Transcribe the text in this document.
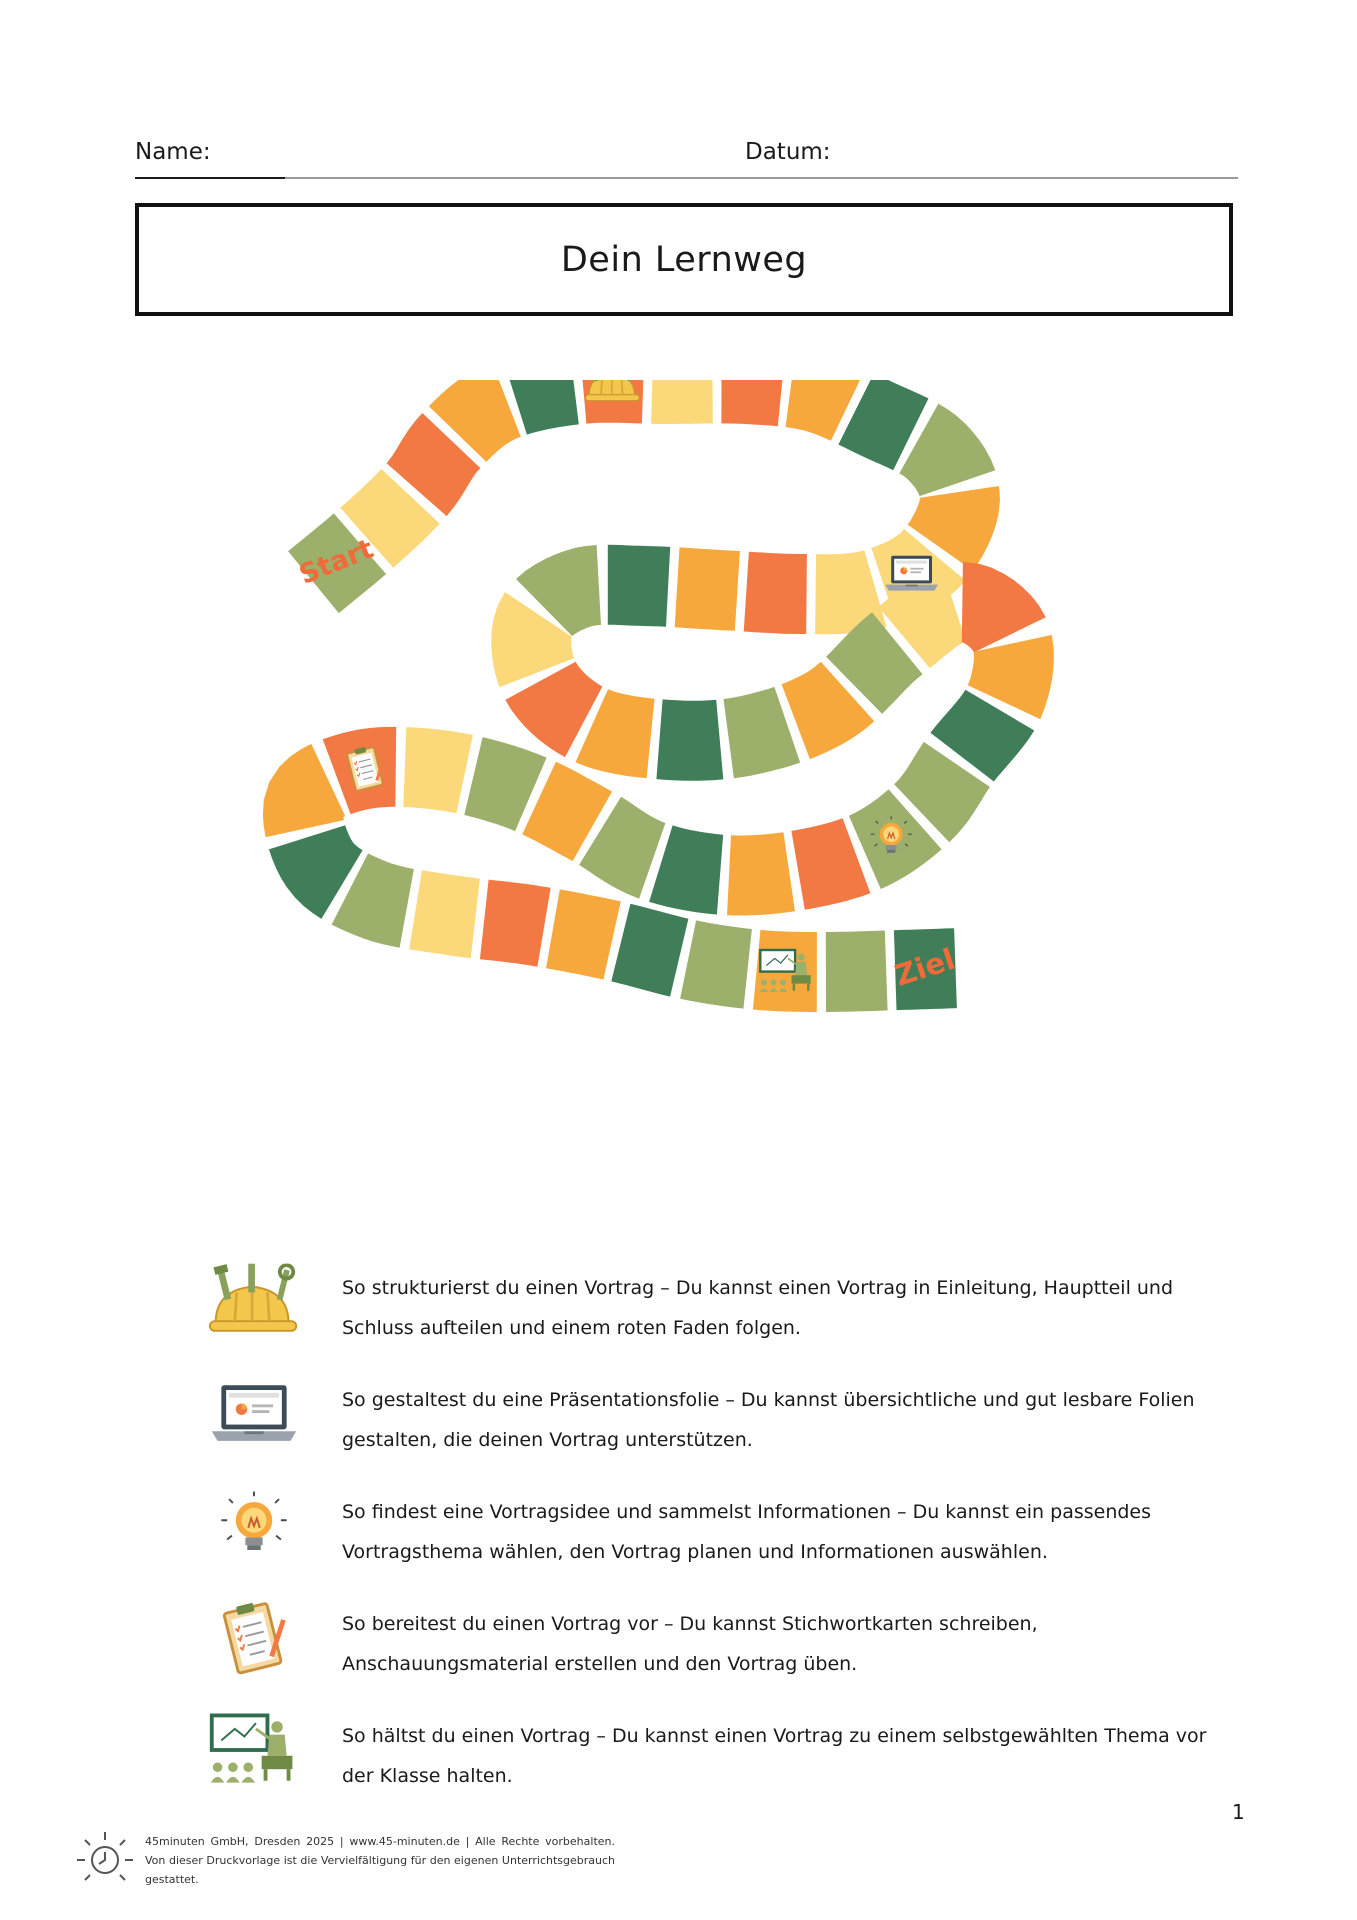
Name:	Datum:
Dein Lernweg
Start
Ziel
So strukturierst du einen Vortrag – Du kannst einen Vortrag in Einleitung, Hauptteil und Schluss aufteilen und einem roten Faden folgen.
So gestaltest du eine Präsentationsfolie – Du kannst übersichtliche und gut lesbare Folien gestalten, die deinen Vortrag unterstützen.
So findest eine Vortragsidee und sammelst Informationen – Du kannst ein passendes Vortragsthema wählen, den Vortrag planen und Informationen auswählen.
So bereitest du einen Vortrag vor – Du kannst Stichwortkarten schreiben, Anschauungsmaterial erstellen und den Vortrag üben.
So hältst du einen Vortrag – Du kannst einen Vortrag zu einem selbstgewählten Thema vor der Klasse halten.
1
45minuten GmbH, Dresden 2025 | www.45-minuten.de | Alle Rechte vorbehalten. Von dieser Druckvorlage ist die Vervielfältigung für den eigenen Unterrichtsgebrauch gestattet.
